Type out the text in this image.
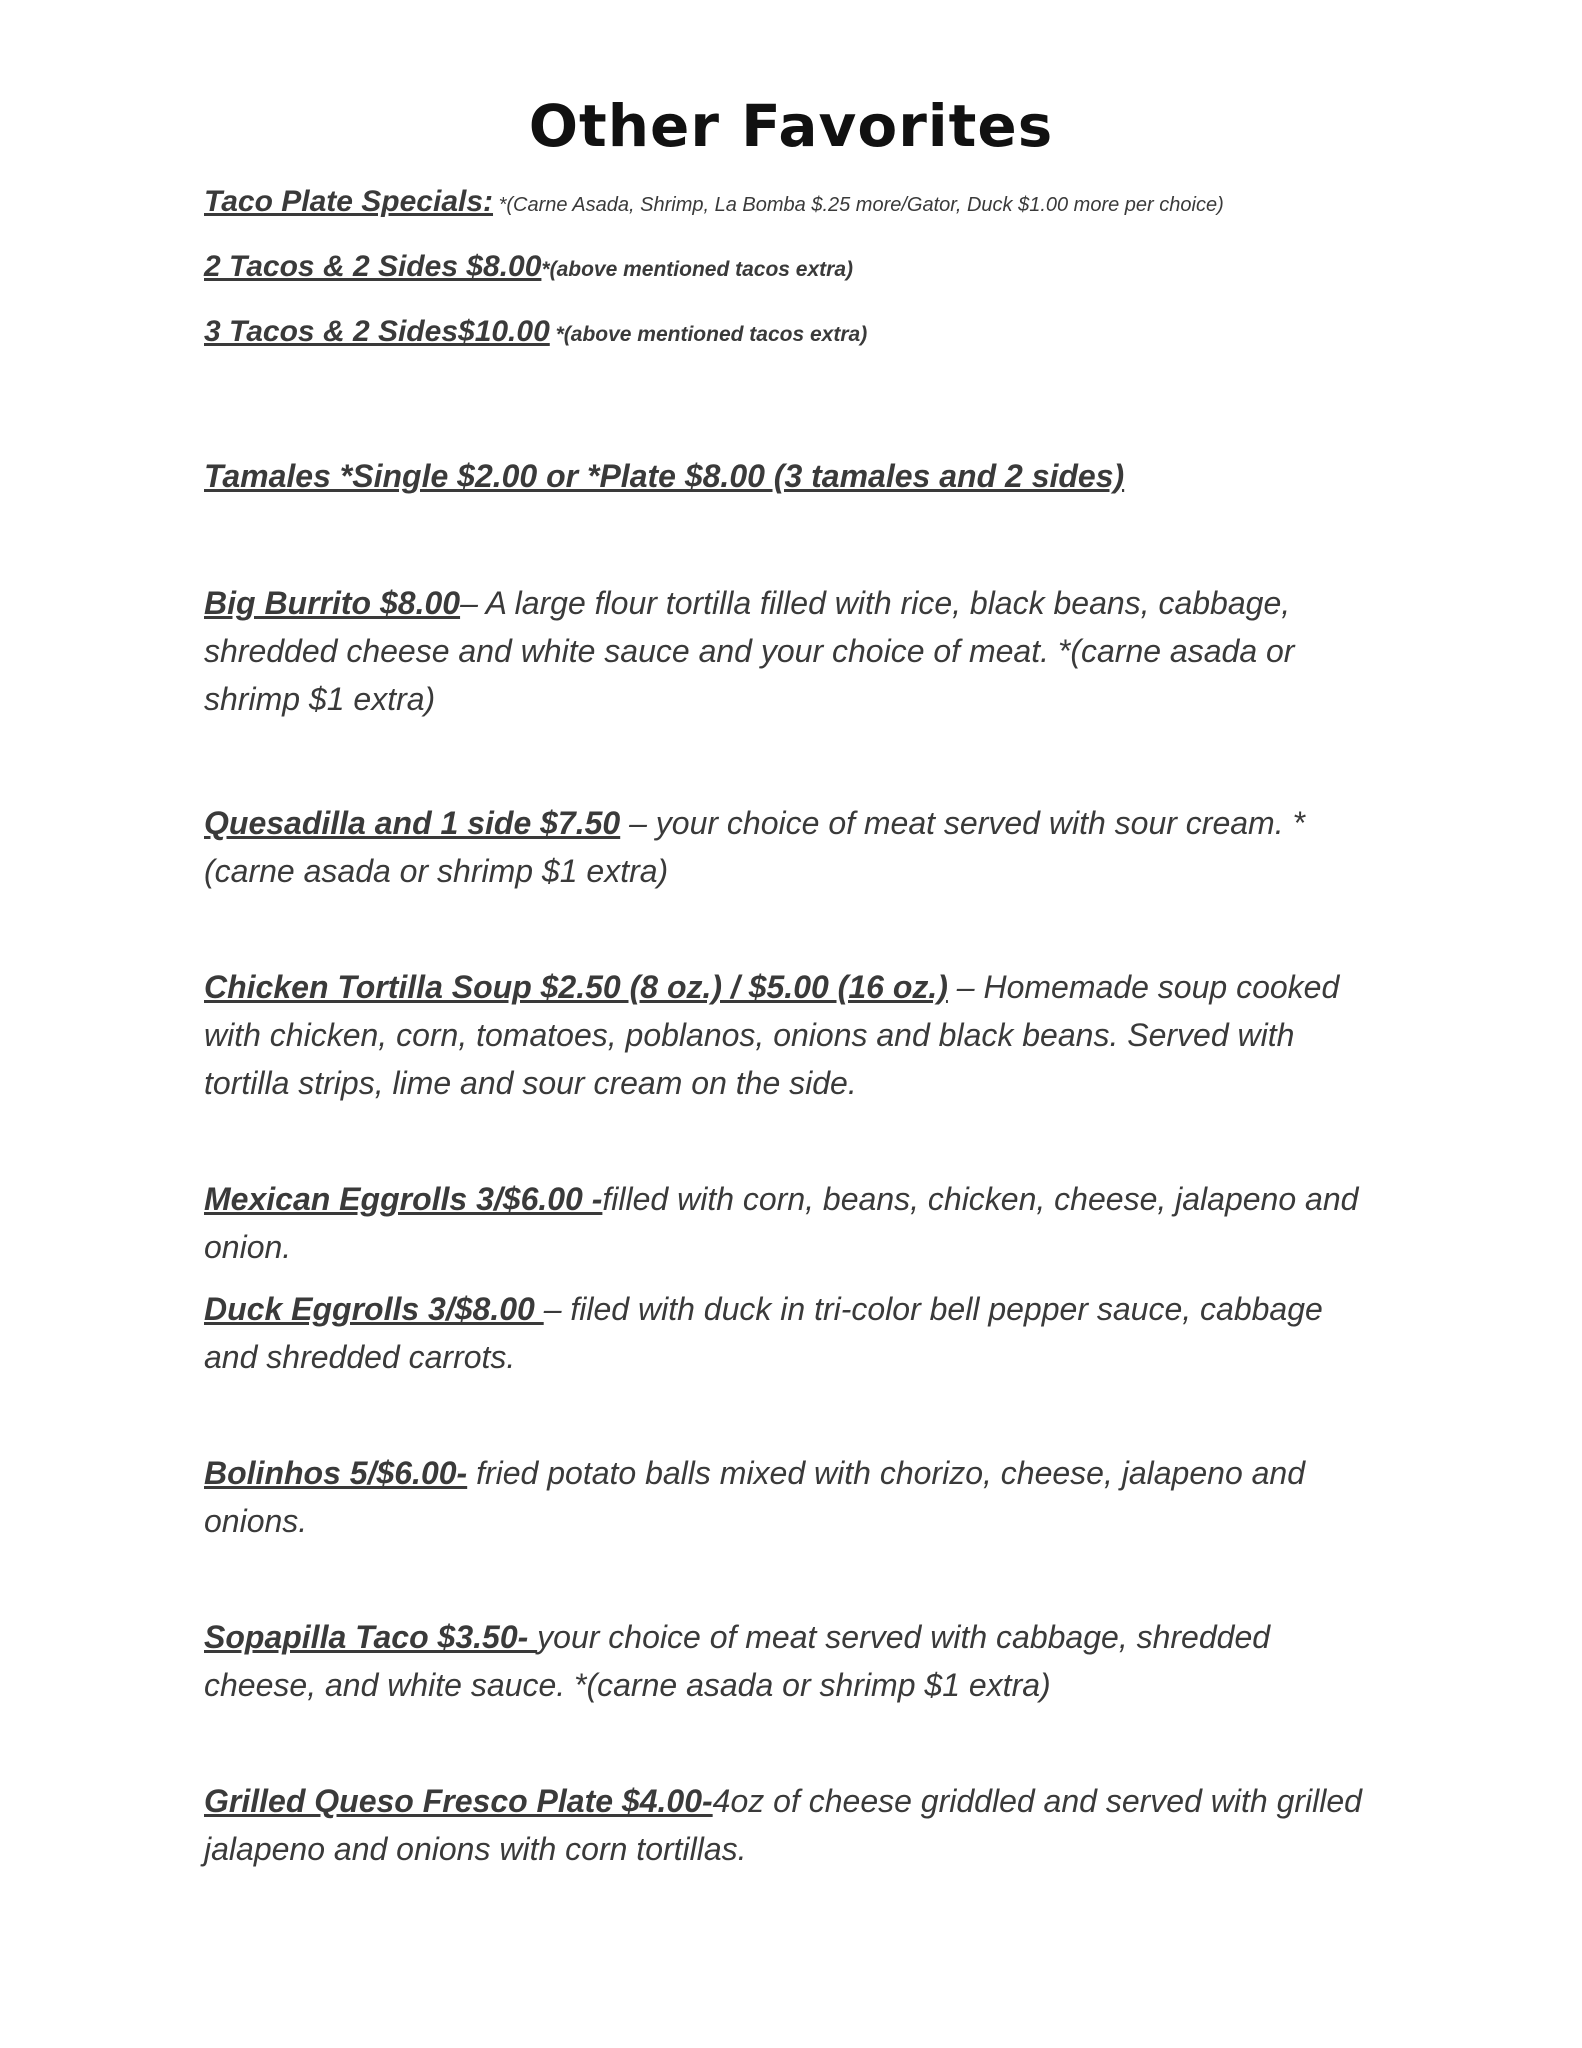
Other Favorites
Taco Plate Specials: *(Carne Asada, Shrimp, La Bomba $.25 more/Gator, Duck $1.00 more per choice)
2 Tacos & 2 Sides $8.00*(above mentioned tacos extra)
3 Tacos & 2 Sides$10.00 *(above mentioned tacos extra)

Tamales *Single $2.00 or *Plate $8.00 (3 tamales and 2 sides)

Big Burrito $8.00– A large flour tortilla filled with rice, black beans, cabbage, shredded cheese and white sauce and your choice of meat. *(carne asada or shrimp $1 extra)

Quesadilla and 1 side $7.50 – your choice of meat served with sour cream. *(carne asada or shrimp $1 extra)

Chicken Tortilla Soup $2.50 (8 oz.) / $5.00 (16 oz.) – Homemade soup cooked with chicken, corn, tomatoes, poblanos, onions and black beans. Served with tortilla strips, lime and sour cream on the side.

Mexican Eggrolls 3/$6.00 -filled with corn, beans, chicken, cheese, jalapeno and onion.

Duck Eggrolls 3/$8.00 – filed with duck in tri-color bell pepper sauce, cabbage and shredded carrots.

Bolinhos 5/$6.00- fried potato balls mixed with chorizo, cheese, jalapeno and onions.

Sopapilla Taco $3.50- your choice of meat served with cabbage, shredded cheese, and white sauce. *(carne asada or shrimp $1 extra)

Grilled Queso Fresco Plate $4.00-4oz of cheese griddled and served with grilled jalapeno and onions with corn tortillas.
